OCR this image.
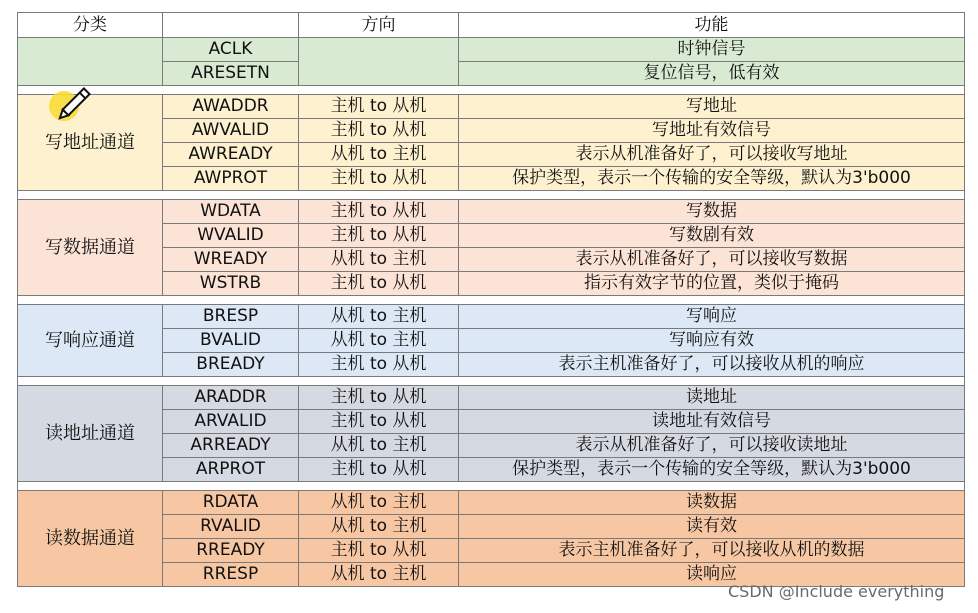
分类		方向	功能
	ACLK		时钟信号
	ARESETN		复位信号，低有效

写地址通道	AWADDR	主机 to 从机	写地址
	AWVALID	主机 to 从机	写地址有效信号
	AWREADY	从机 to 主机	表示从机准备好了，可以接收写地址
	AWPROT	主机 to 从机	保护类型，表示一个传输的安全等级，默认为3'b000

写数据通道	WDATA	主机 to 从机	写数据
	WVALID	主机 to 从机	写数剧有效
	WREADY	从机 to 主机	表示从机准备好了，可以接收写数据
	WSTRB	主机 to 从机	指示有效字节的位置，类似于掩码

写响应通道	BRESP	从机 to 主机	写响应
	BVALID	从机 to 主机	写响应有效
	BREADY	主机 to 从机	表示主机准备好了，可以接收从机的响应

读地址通道	ARADDR	主机 to 从机	读地址
	ARVALID	主机 to 从机	读地址有效信号
	ARREADY	从机 to 主机	表示从机准备好了，可以接收读地址
	ARPROT	主机 to 从机	保护类型，表示一个传输的安全等级，默认为3'b000

读数据通道	RDATA	从机 to 主机	读数据
	RVALID	从机 to 主机	读有效
	RREADY	主机 to 从机	表示主机准备好了，可以接收从机的数据
	RRESP	从机 to 主机	读响应
CSDN @Include everything
